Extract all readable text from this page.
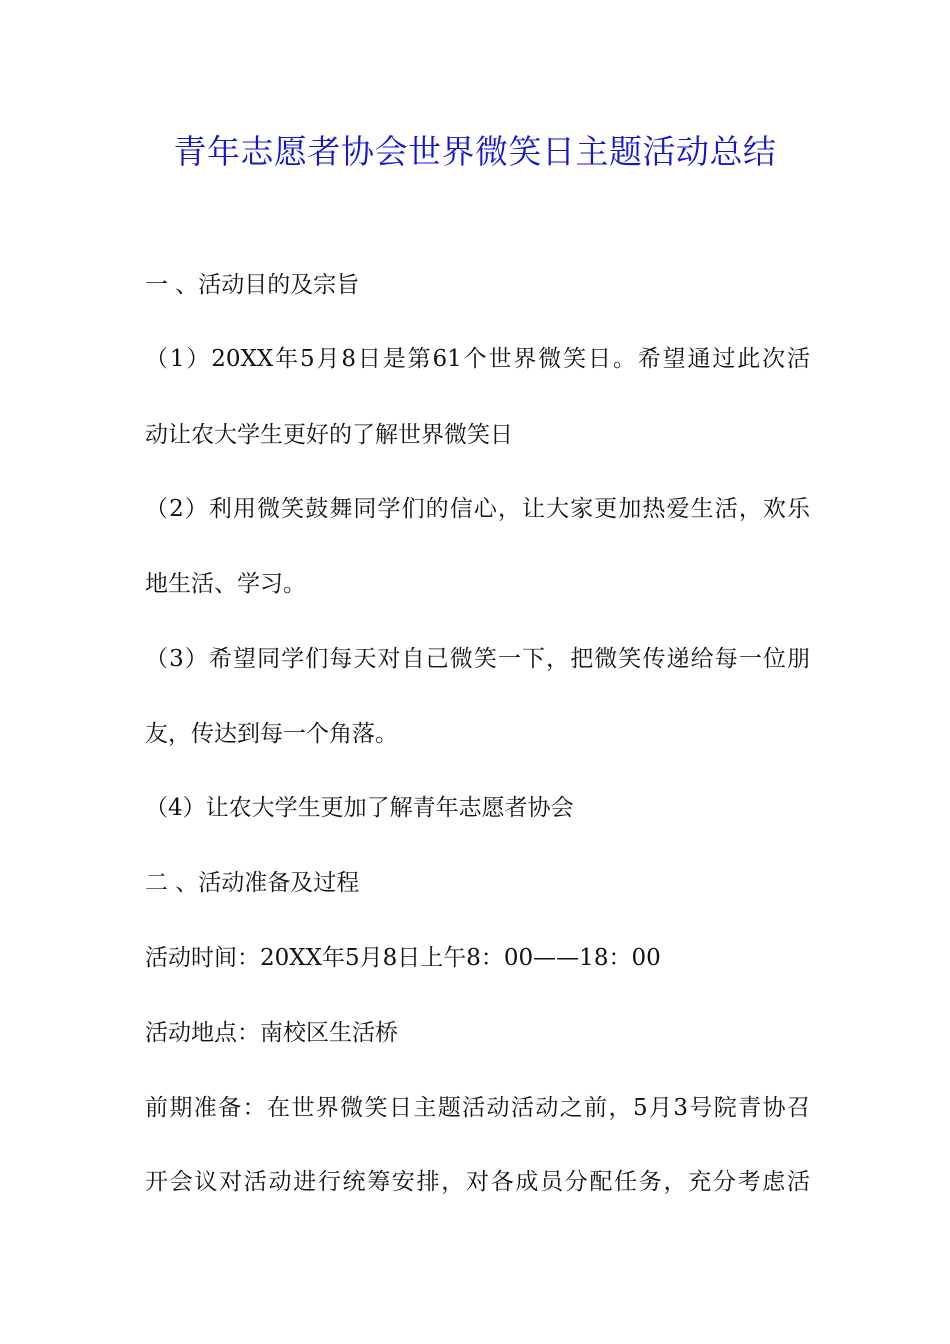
青年志愿者协会世界微笑日主题活动总结
一 、活动目的及宗旨
（1）20XX年5月8日是第61个世界微笑日。希望通过此次活
动让农大学生更好的了解世界微笑日
（2）利用微笑鼓舞同学们的信心，让大家更加热爱生活，欢乐
地生活、学习。
（3）希望同学们每天对自己微笑一下，把微笑传递给每一位朋
友，传达到每一个角落。
（4）让农大学生更加了解青年志愿者协会
二 、活动准备及过程
活动时间：20XX年5月8日上午8：00——18：00
活动地点：南校区生活桥
前期准备：在世界微笑日主题活动活动之前，5月3号院青协召
开会议对活动进行统筹安排，对各成员分配任务，充分考虑活
